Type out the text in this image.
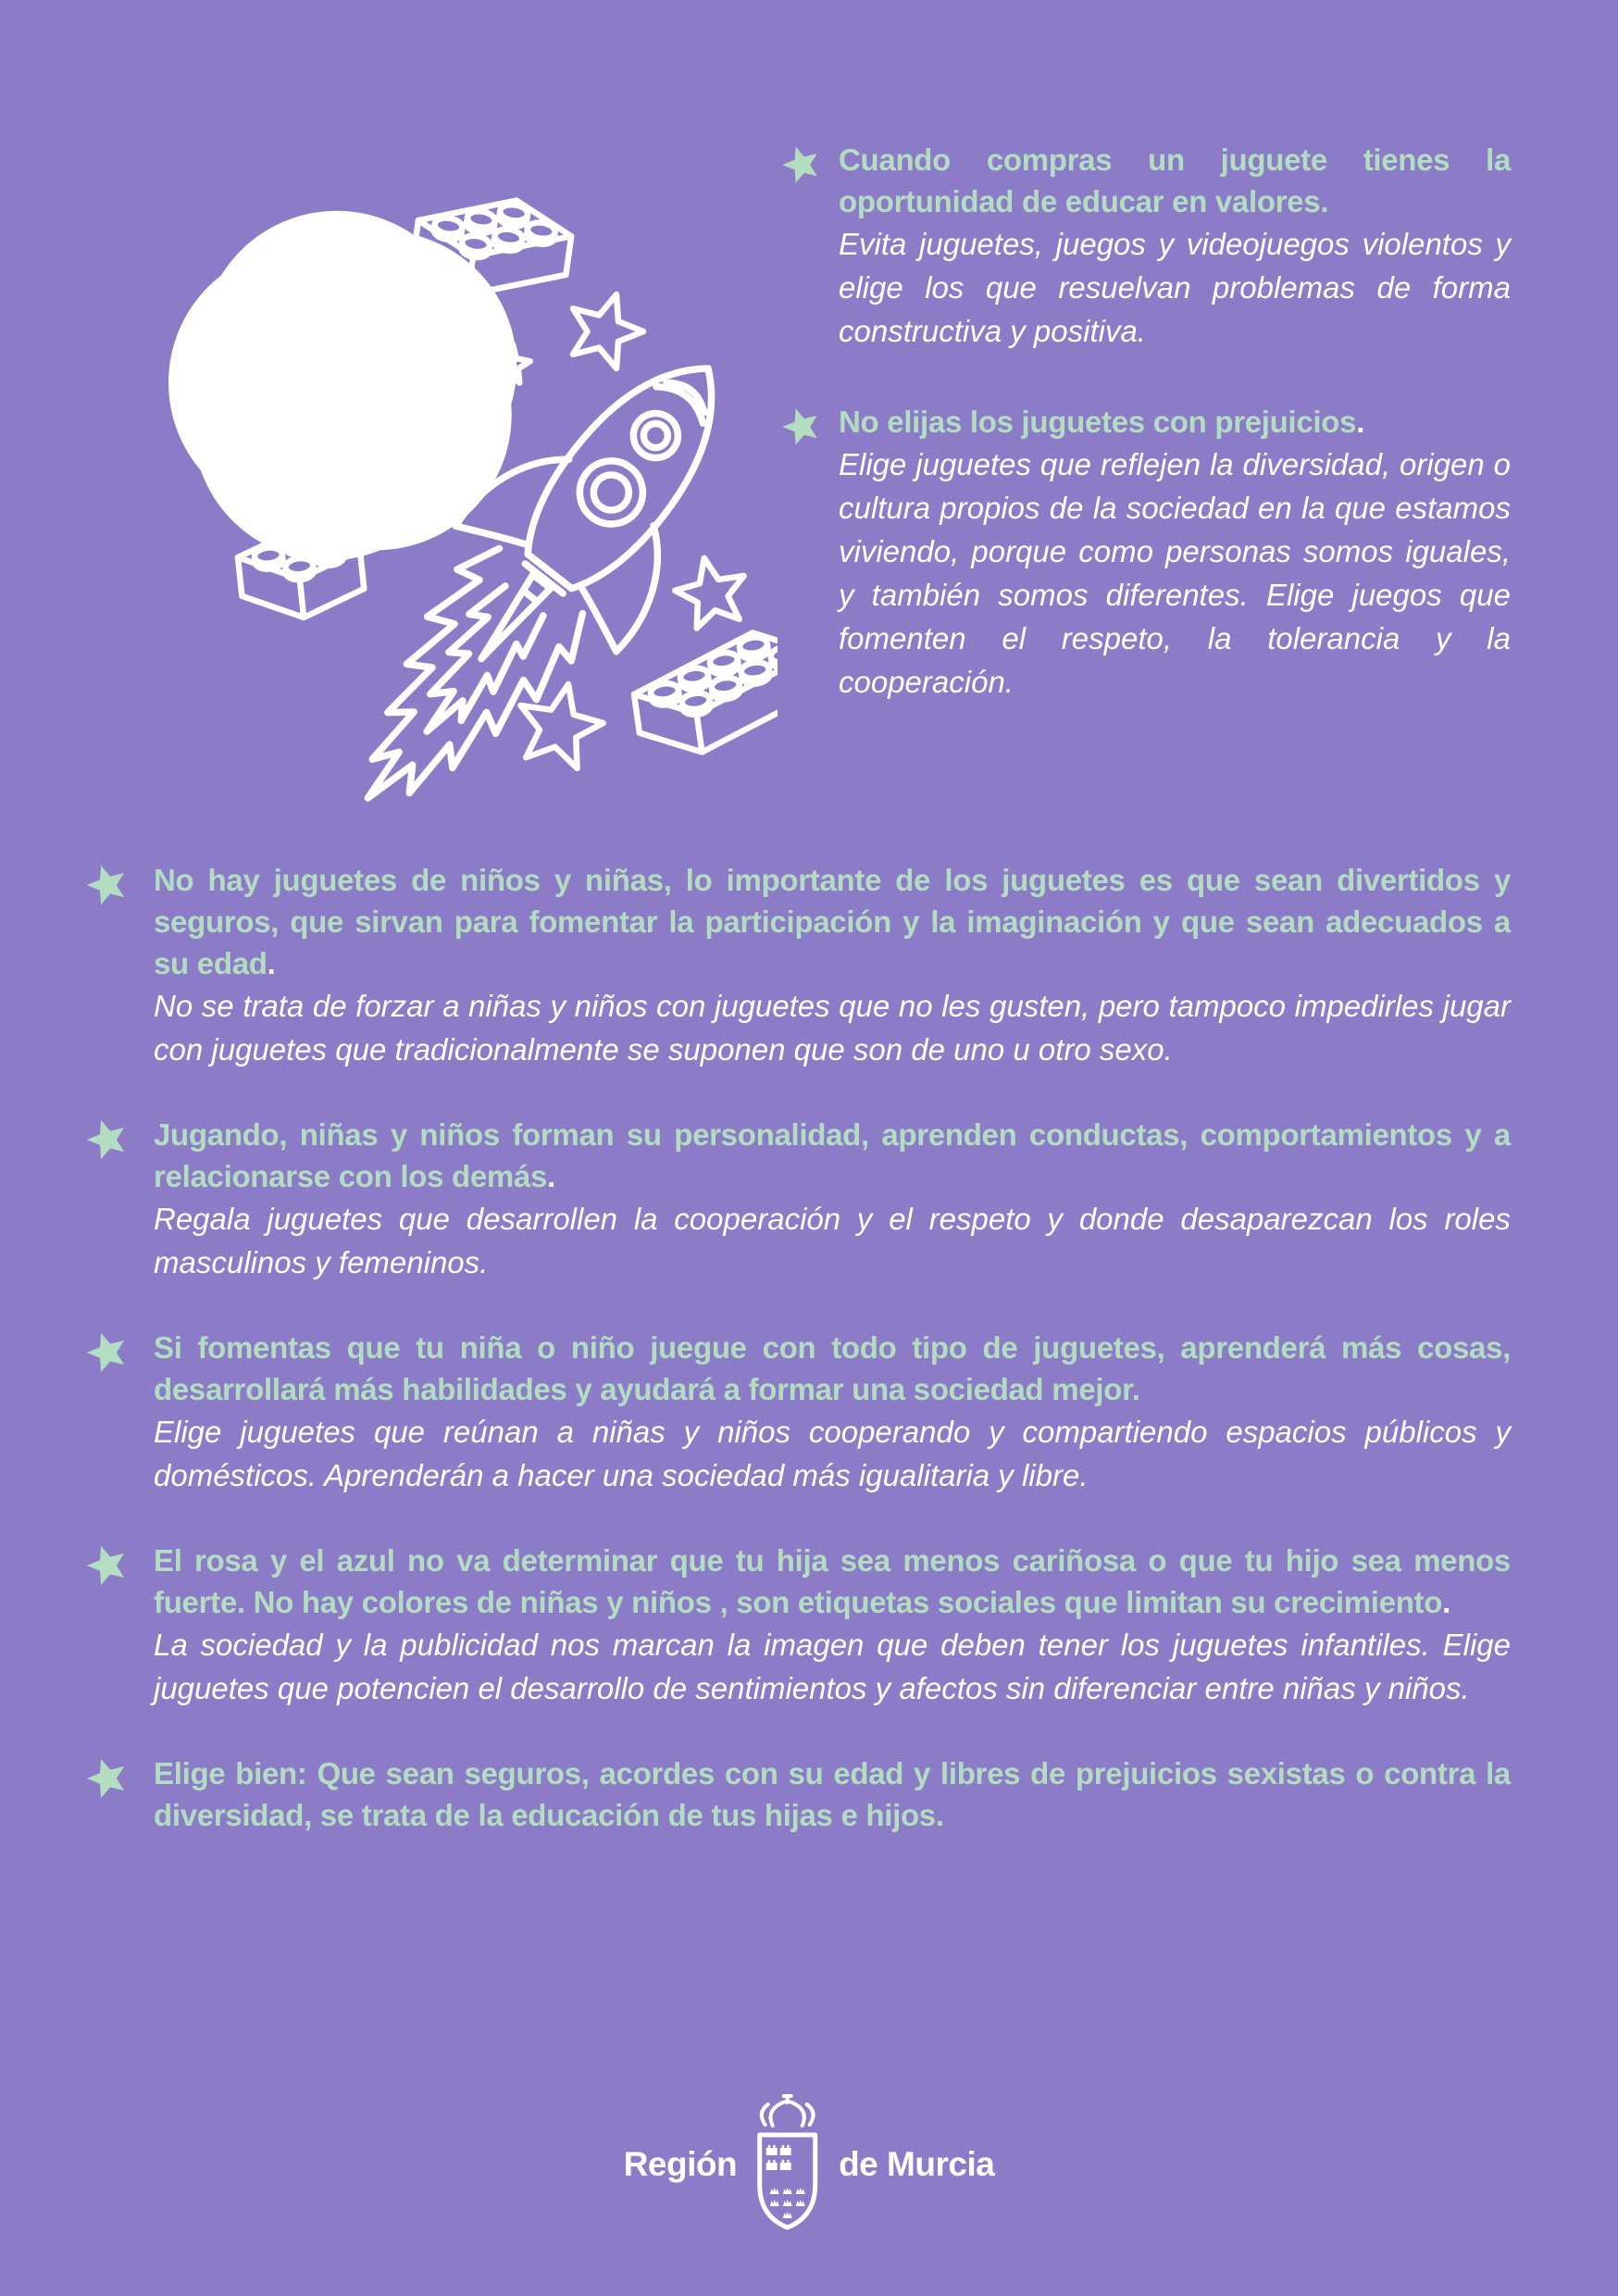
Cuando compras un juguete tienes la oportunidad de educar en valores.

Evita juguetes, juegos y videojuegos violentos y elige los que resuelvan problemas de forma constructiva y positiva.

No elijas los juguetes con prejuicios.

Elige juguetes que reflejen la diversidad, origen o cultura propios de la sociedad en la que estamos viviendo, porque como personas somos iguales, y también somos diferentes. Elige juegos que fomenten el respeto, la tolerancia y la cooperación.

No hay juguetes de niños y niñas, lo importante de los juguetes es que sean divertidos y seguros, que sirvan para fomentar la participación y la imaginación y que sean adecuados a su edad.

No se trata de forzar a niñas y niños con juguetes que no les gusten, pero tampoco impedirles jugar con juguetes que tradicionalmente se suponen que son de uno u otro sexo.

Jugando, niñas y niños forman su personalidad, aprenden conductas, comportamientos y a relacionarse con los demás.

Regala juguetes que desarrollen la cooperación y el respeto y donde desaparezcan los roles masculinos y femeninos.

Si fomentas que tu niña o niño juegue con todo tipo de juguetes, aprenderá más cosas, desarrollará más habilidades y ayudará a formar una sociedad mejor.

Elige juguetes que reúnan a niñas y niños cooperando y compartiendo espacios públicos y domésticos. Aprenderán a hacer una sociedad más igualitaria y libre.

El rosa y el azul no va determinar que tu hija sea menos cariñosa o que tu hijo sea menos fuerte. No hay colores de niñas y niños , son etiquetas sociales que limitan su crecimiento.

La sociedad y la publicidad nos marcan la imagen que deben tener los juguetes infantiles. Elige juguetes que potencien el desarrollo de sentimientos y afectos sin diferenciar entre niñas y niños.

Elige bien: Que sean seguros, acordes con su edad y libres de prejuicios sexistas o contra la diversidad, se trata de la educación de tus hijas e hijos.

Región	de Murcia
